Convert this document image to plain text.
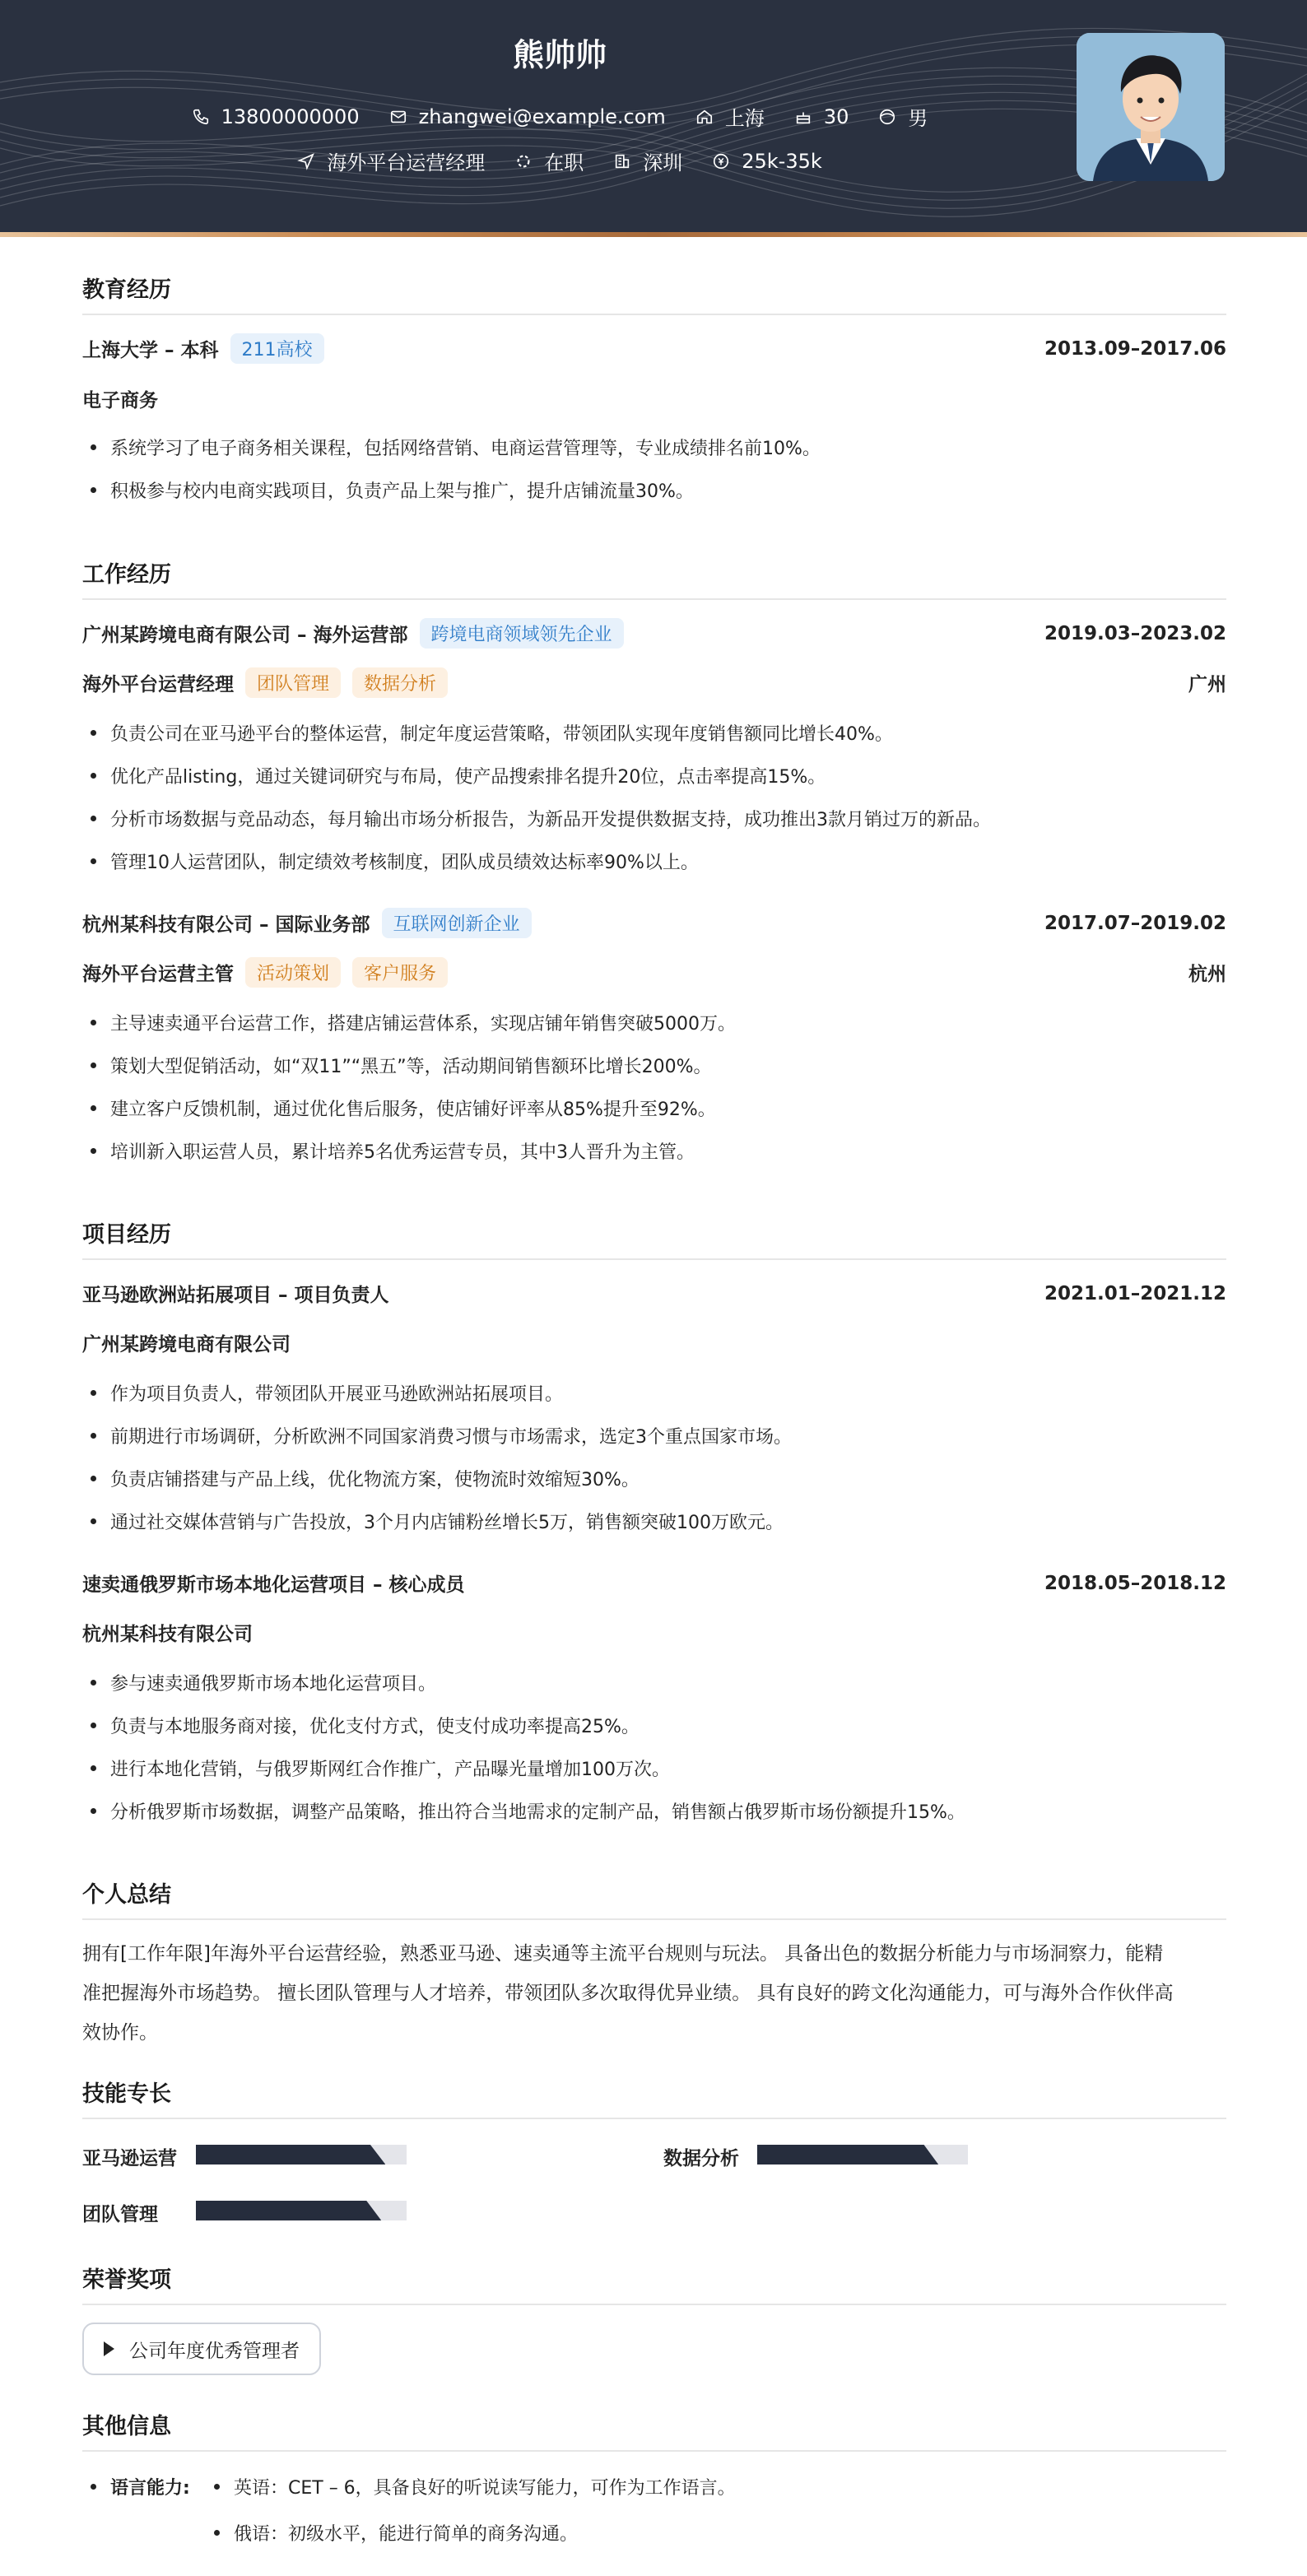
熊帅帅
13800000000	zhangwei@example.com	上海	30	男
海外平台运营经理	在职	深圳	25k-35k
教育经历
上海大学 – 本科	211高校	2013.09–2017.06
电子商务
系统学习了电子商务相关课程，包括网络营销、电商运营管理等，专业成绩排名前10%。
积极参与校内电商实践项目，负责产品上架与推广，提升店铺流量30%。
工作经历
广州某跨境电商有限公司 – 海外运营部	跨境电商领域领先企业	2019.03–2023.02
海外平台运营经理	团队管理	数据分析	广州
负责公司在亚马逊平台的整体运营，制定年度运营策略，带领团队实现年度销售额同比增长40%。
优化产品listing，通过关键词研究与布局，使产品搜索排名提升20位，点击率提高15%。
分析市场数据与竞品动态，每月输出市场分析报告，为新品开发提供数据支持，成功推出3款月销过万的新品。
管理10人运营团队，制定绩效考核制度，团队成员绩效达标率90%以上。
杭州某科技有限公司 – 国际业务部	互联网创新企业	2017.07–2019.02
海外平台运营主管	活动策划	客户服务	杭州
主导速卖通平台运营工作，搭建店铺运营体系，实现店铺年销售突破5000万。
策划大型促销活动，如“双11”“黑五”等，活动期间销售额环比增长200%。
建立客户反馈机制，通过优化售后服务，使店铺好评率从85%提升至92%。
培训新入职运营人员，累计培养5名优秀运营专员，其中3人晋升为主管。
项目经历
亚马逊欧洲站拓展项目 – 项目负责人	2021.01–2021.12
广州某跨境电商有限公司
作为项目负责人，带领团队开展亚马逊欧洲站拓展项目。
前期进行市场调研，分析欧洲不同国家消费习惯与市场需求，选定3个重点国家市场。
负责店铺搭建与产品上线，优化物流方案，使物流时效缩短30%。
通过社交媒体营销与广告投放，3个月内店铺粉丝增长5万，销售额突破100万欧元。
速卖通俄罗斯市场本地化运营项目 – 核心成员	2018.05–2018.12
杭州某科技有限公司
参与速卖通俄罗斯市场本地化运营项目。
负责与本地服务商对接，优化支付方式，使支付成功率提高25%。
进行本地化营销，与俄罗斯网红合作推广，产品曝光量增加100万次。
分析俄罗斯市场数据，调整产品策略，推出符合当地需求的定制产品，销售额占俄罗斯市场份额提升15%。
个人总结
拥有[工作年限]年海外平台运营经验，熟悉亚马逊、速卖通等主流平台规则与玩法。 具备出色的数据分析能力与市场洞察力，能精
准把握海外市场趋势。 擅长团队管理与人才培养，带领团队多次取得优异业绩。 具有良好的跨文化沟通能力，可与海外合作伙伴高
效协作。
技能专长
亚马逊运营	数据分析
团队管理
荣誉奖项
公司年度优秀管理者
其他信息
语言能力: 英语：CET – 6，具备良好的听说读写能力，可作为工作语言。
俄语：初级水平，能进行简单的商务沟通。
